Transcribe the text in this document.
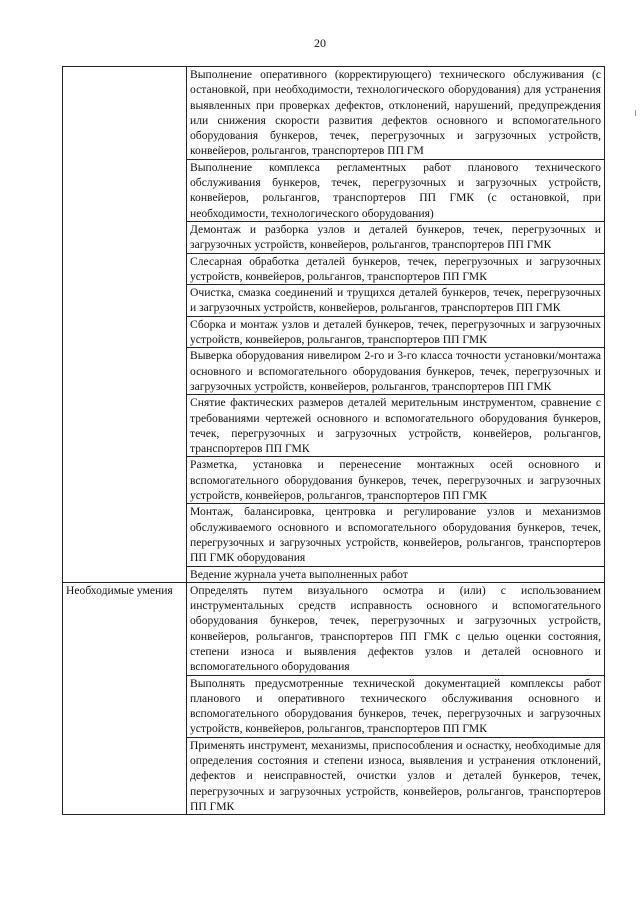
20
	Выполнение оперативного (корректирующего) технического обслуживания (с остановкой, при необходимости, технологического оборудования) для устранения выявленных при проверках дефектов, отклонений, нарушений, предупреждения или снижения скорости развития дефектов основного и вспомогательного оборудования бункеров, течек, перегрузочных и загрузочных устройств, конвейеров, рольгангов, транспортеров ПП ГМ
	Выполнение комплекса регламентных работ планового технического обслуживания бункеров, течек, перегрузочных и загрузочных устройств, конвейеров, рольгангов, транспортеров ПП ГМК (с остановкой, при необходимости, технологического оборудования)
	Демонтаж и разборка узлов и деталей бункеров, течек, перегрузочных и загрузочных устройств, конвейеров, рольгангов, транспортеров ПП ГМК
	Слесарная обработка деталей бункеров, течек, перегрузочных и загрузочных устройств, конвейеров, рольгангов, транспортеров ПП ГМК
	Очистка, смазка соединений и трущихся деталей бункеров, течек, перегрузочных и загрузочных устройств, конвейеров, рольгангов, транспортеров ПП ГМК
	Сборка и монтаж узлов и деталей бункеров, течек, перегрузочных и загрузочных устройств, конвейеров, рольгангов, транспортеров ПП ГМК
	Выверка оборудования нивелиром 2-го и 3-го класса точности установки/монтажа основного и вспомогательного оборудования бункеров, течек, перегрузочных и загрузочных устройств, конвейеров, рольгангов, транспортеров ПП ГМК
	Снятие фактических размеров деталей мерительным инструментом, сравнение с требованиями чертежей основного и вспомогательного оборудования бункеров, течек, перегрузочных и загрузочных устройств, конвейеров, рольгангов, транспортеров ПП ГМК
	Разметка, установка и перенесение монтажных осей основного и вспомогательного оборудования бункеров, течек, перегрузочных и загрузочных устройств, конвейеров, рольгангов, транспортеров ПП ГМК
	Монтаж, балансировка, центровка и регулирование узлов и механизмов обслуживаемого основного и вспомогательного оборудования бункеров, течек, перегрузочных и загрузочных устройств, конвейеров, рольгангов, транспортеров ПП ГМК оборудования
	Ведение журнала учета выполненных работ
Необходимые умения	Определять путем визуального осмотра и (или) с использованием инструментальных средств исправность основного и вспомогательного оборудования бункеров, течек, перегрузочных и загрузочных устройств, конвейеров, рольгангов, транспортеров ПП ГМК с целью оценки состояния, степени износа и выявления дефектов узлов и деталей основного и вспомогательного оборудования
	Выполнять предусмотренные технической документацией комплексы работ планового и оперативного технического обслуживания основного и вспомогательного оборудования бункеров, течек, перегрузочных и загрузочных устройств, конвейеров, рольгангов, транспортеров ПП ГМК
	Применять инструмент, механизмы, приспособления и оснастку, необходимые для определения состояния и степени износа, выявления и устранения отклонений, дефектов и неисправностей, очистки узлов и деталей бункеров, течек, перегрузочных и загрузочных устройств, конвейеров, рольгангов, транспортеров ПП ГМК
